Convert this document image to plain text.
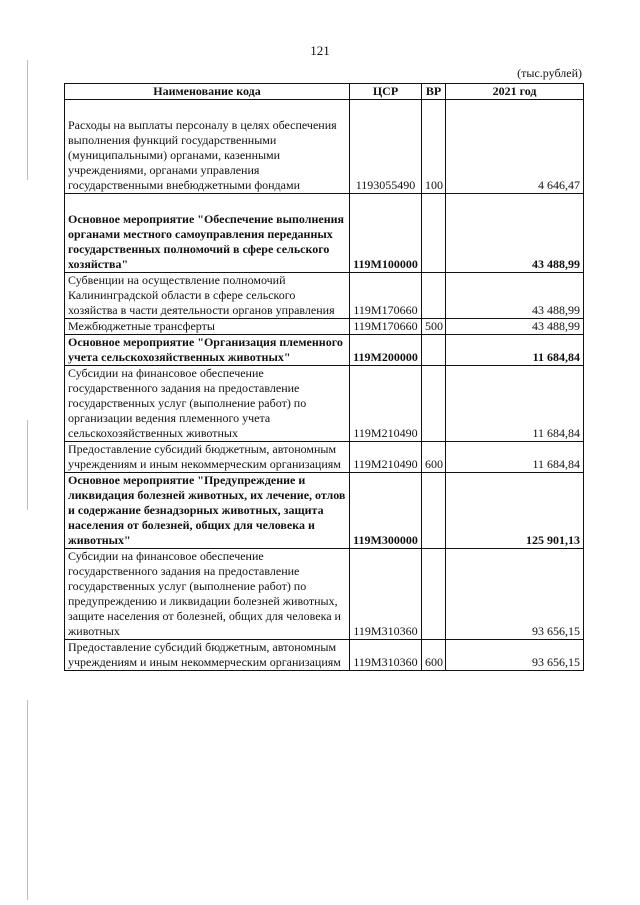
121
(тыс.рублей)
Наименование кода	ЦСР	ВР	2021 год
Расходы на выплаты персоналу в целях обеспечения выполнения функций государственными (муниципальными) органами, казенными учреждениями, органами управления государственными внебюджетными фондами	1193055490	100	4 646,47
Основное мероприятие "Обеспечение выполнения органами местного самоуправления переданных государственных полномочий в сфере сельского хозяйства"	119М100000		43 488,99
Субвенции на осуществление полномочий Калининградской области в сфере сельского хозяйства в части деятельности органов управления	119М170660		43 488,99
Межбюджетные трансферты	119М170660	500	43 488,99
Основное мероприятие "Организация племенного учета сельскохозяйственных животных"	119М200000		11 684,84
Субсидии на финансовое обеспечение государственного задания на предоставление государственных услуг (выполнение работ) по организации ведения племенного учета сельскохозяйственных животных	119М210490		11 684,84
Предоставление субсидий бюджетным, автономным учреждениям и иным некоммерческим организациям	119М210490	600	11 684,84
Основное мероприятие "Предупреждение и ликвидация болезней животных, их лечение, отлов и содержание безнадзорных животных, защита населения от болезней, общих для человека и животных"	119М300000		125 901,13
Субсидии на финансовое обеспечение государственного задания на предоставление государственных услуг (выполнение работ) по предупреждению и ликвидации болезней животных, защите населения от болезней, общих для человека и животных	119М310360		93 656,15
Предоставление субсидий бюджетным, автономным учреждениям и иным некоммерческим организациям	119М310360	600	93 656,15
